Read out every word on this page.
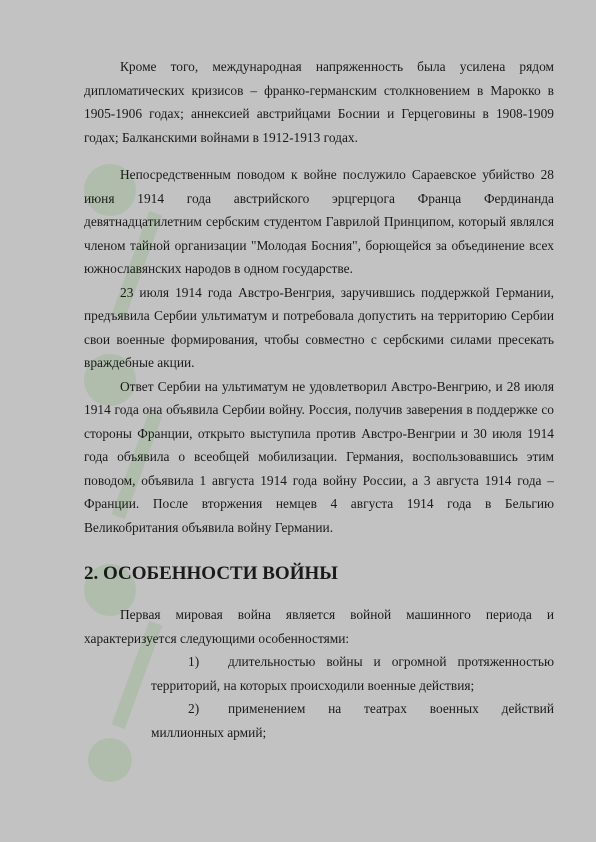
Кроме того, международная напряженность была усилена рядом дипломатических кризисов – франко-германским столкновением в Марокко в 1905-1906 годах; аннексией австрийцами Боснии и Герцеговины в 1908-1909 годах; Балканскими войнами в 1912-1913 годах.

Непосредственным поводом к войне послужило Сараевское убийство 28 июня 1914 года австрийского эрцгерцога Франца Фердинанда девятнадцатилетним сербским студентом Гаврилой Принципом, который являлся членом тайной организации "Молодая Босния", борющейся за объединение всех южнославянских народов в одном государстве.

23 июля 1914 года Австро-Венгрия, заручившись поддержкой Германии, предъявила Сербии ультиматум и потребовала допустить на территорию Сербии свои военные формирования, чтобы совместно с сербскими силами пресекать враждебные акции.

Ответ Сербии на ультиматум не удовлетворил Австро-Венгрию, и 28 июля 1914 года она объявила Сербии войну. Россия, получив заверения в поддержке со стороны Франции, открыто выступила против Австро-Венгрии и 30 июля 1914 года объявила о всеобщей мобилизации. Германия, воспользовавшись этим поводом, объявила 1 августа 1914 года войну России, а 3 августа 1914 года – Франции. После вторжения немцев 4 августа 1914 года в Бельгию Великобритания объявила войну Германии.

2. ОСОБЕННОСТИ ВОЙНЫ

Первая мировая война является войной машинного периода и характеризуется следующими особенностями:

1)	длительностью войны и огромной протяженностью

территорий, на которых происходили военные действия;

2)	применением на театрах военных действий

миллионных армий;
